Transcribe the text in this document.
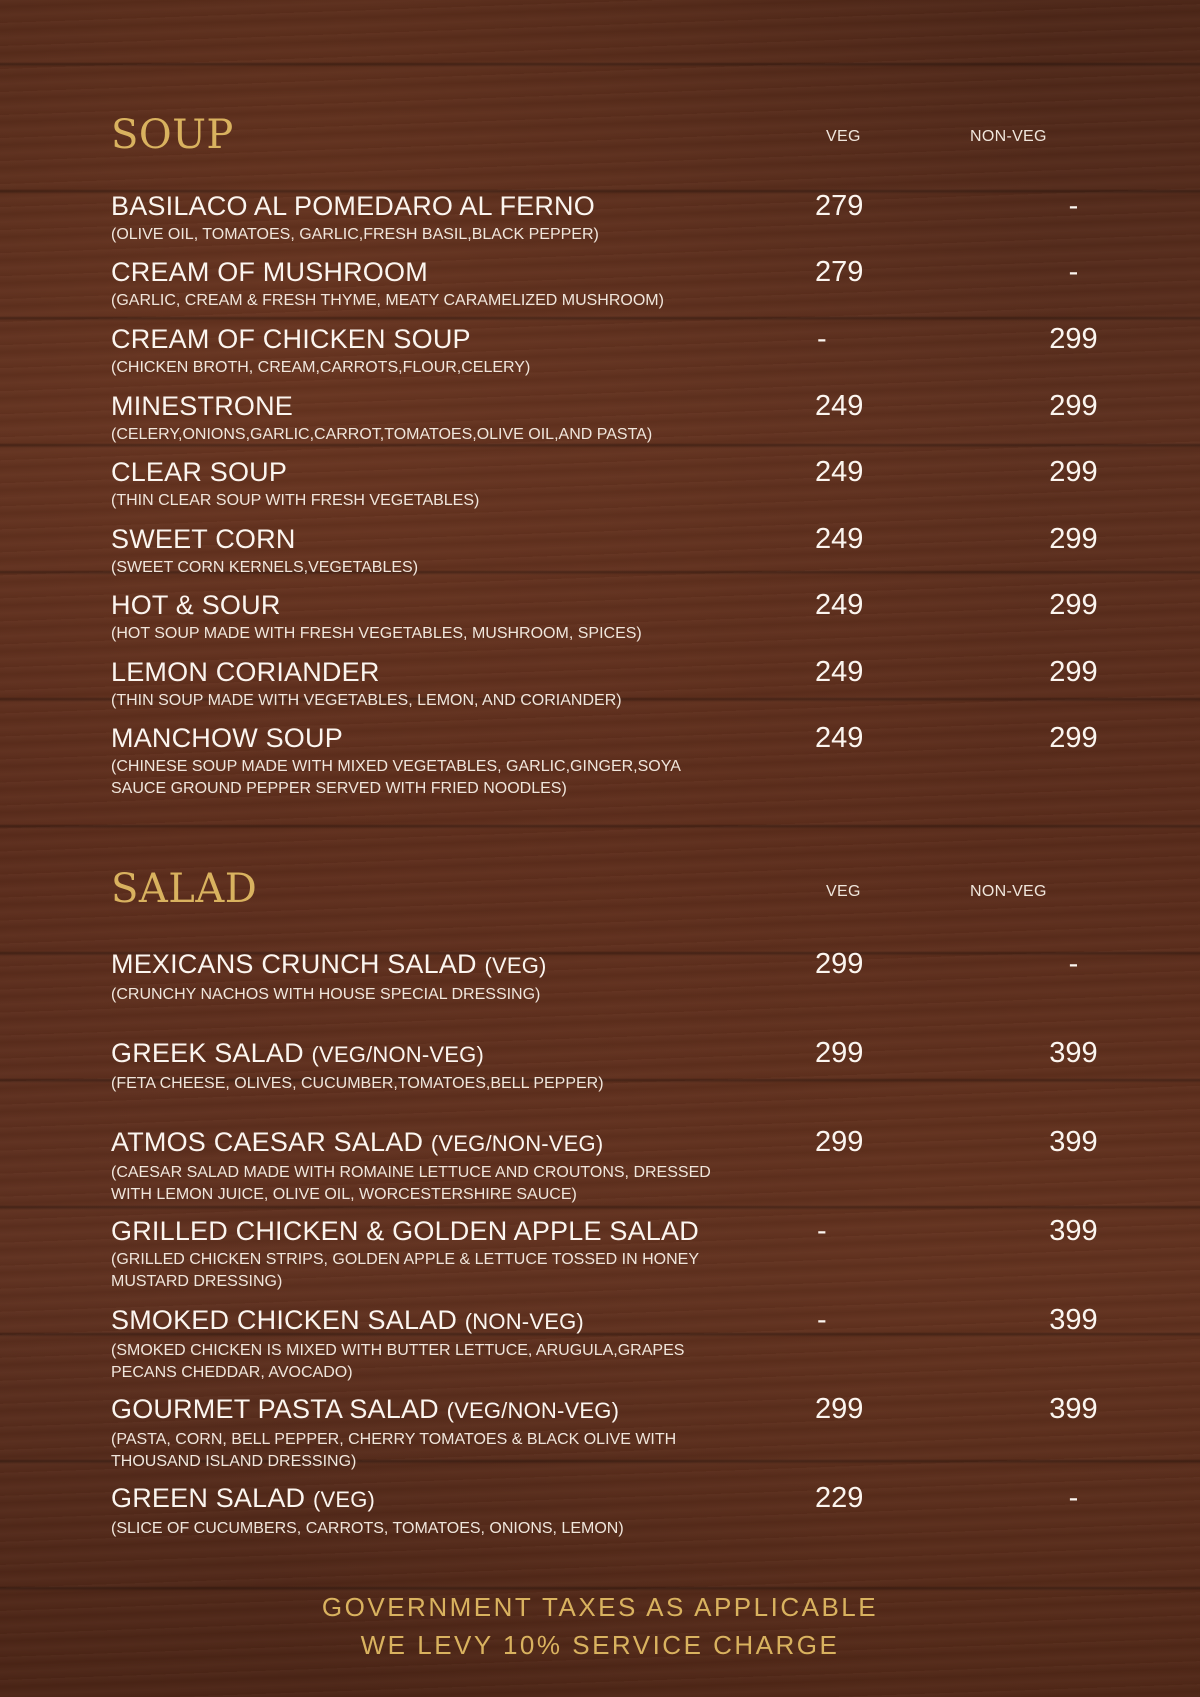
SOUP	VEG	NON-VEG
BASILACO AL POMEDARO AL FERNO
(OLIVE OIL, TOMATOES, GARLIC,FRESH BASIL,BLACK PEPPER)
279	-
CREAM OF MUSHROOM
(GARLIC, CREAM & FRESH THYME, MEATY CARAMELIZED MUSHROOM)
279	-
CREAM OF CHICKEN SOUP
(CHICKEN BROTH, CREAM,CARROTS,FLOUR,CELERY)
-	299
MINESTRONE
(CELERY,ONIONS,GARLIC,CARROT,TOMATOES,OLIVE OIL,AND PASTA)
249	299
CLEAR SOUP
(THIN CLEAR SOUP WITH FRESH VEGETABLES)
249	299
SWEET CORN
(SWEET CORN KERNELS,VEGETABLES)
249	299
HOT & SOUR
(HOT SOUP MADE WITH FRESH VEGETABLES, MUSHROOM, SPICES)
249	299
LEMON CORIANDER
(THIN SOUP MADE WITH VEGETABLES, LEMON, AND CORIANDER)
249	299
MANCHOW SOUP
(CHINESE SOUP MADE WITH MIXED VEGETABLES, GARLIC,GINGER,SOYA SAUCE GROUND PEPPER SERVED WITH FRIED NOODLES)
249	299
SALAD	VEG	NON-VEG
MEXICANS CRUNCH SALAD (VEG)
(CRUNCHY NACHOS WITH HOUSE SPECIAL DRESSING)
299	-
GREEK SALAD (VEG/NON-VEG)
(FETA CHEESE, OLIVES, CUCUMBER,TOMATOES,BELL PEPPER)
299	399
ATMOS CAESAR SALAD (VEG/NON-VEG)
(CAESAR SALAD MADE WITH ROMAINE LETTUCE AND CROUTONS, DRESSED WITH LEMON JUICE, OLIVE OIL, WORCESTERSHIRE SAUCE)
299	399
GRILLED CHICKEN & GOLDEN APPLE SALAD
(GRILLED CHICKEN STRIPS, GOLDEN APPLE & LETTUCE TOSSED IN HONEY MUSTARD DRESSING)
-	399
SMOKED CHICKEN SALAD (NON-VEG)
(SMOKED CHICKEN IS MIXED WITH BUTTER LETTUCE, ARUGULA,GRAPES PECANS CHEDDAR, AVOCADO)
-	399
GOURMET PASTA SALAD (VEG/NON-VEG)
(PASTA, CORN, BELL PEPPER, CHERRY TOMATOES & BLACK OLIVE WITH THOUSAND ISLAND DRESSING)
299	399
GREEN SALAD (VEG)
(SLICE OF CUCUMBERS, CARROTS, TOMATOES, ONIONS, LEMON)
229	-
GOVERNMENT TAXES AS APPLICABLE
WE LEVY 10% SERVICE CHARGE
